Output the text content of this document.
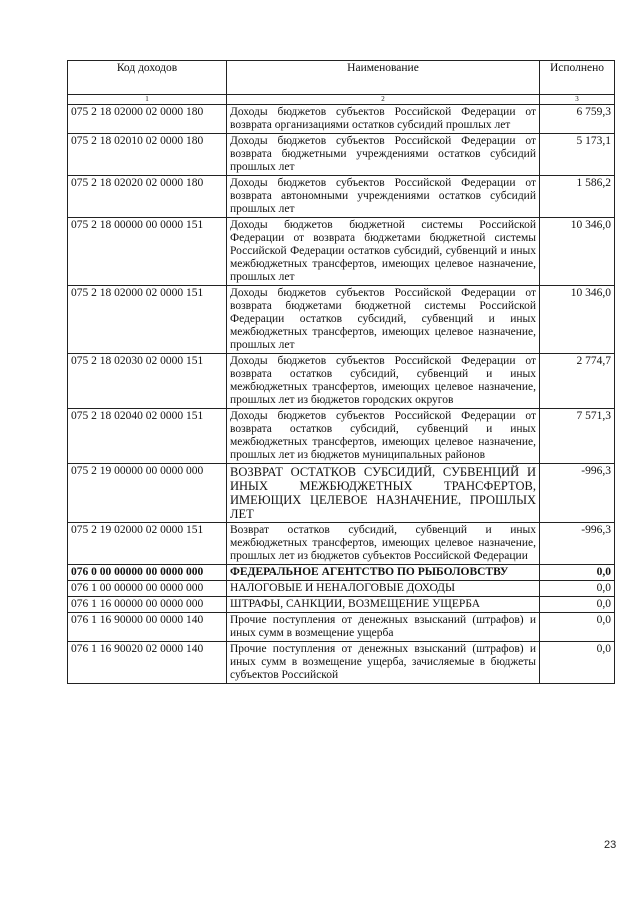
Код доходов	Наименование	Исполнено
1	2	3
075 2 18 02000 02 0000 180	Доходы бюджетов субъектов Российской Федерации от возврата организациями остатков субсидий прошлых лет	6 759,3
075 2 18 02010 02 0000 180	Доходы бюджетов субъектов Российской Федерации от возврата бюджетными учреждениями остатков субсидий прошлых лет	5 173,1
075 2 18 02020 02 0000 180	Доходы бюджетов субъектов Российской Федерации от возврата автономными учреждениями остатков субсидий прошлых лет	1 586,2
075 2 18 00000 00 0000 151	Доходы бюджетов бюджетной системы Российской Федерации от возврата бюджетами бюджетной системы Российской Федерации остатков субсидий, субвенций и иных межбюджетных трансфертов, имеющих целевое назначение, прошлых лет	10 346,0
075 2 18 02000 02 0000 151	Доходы бюджетов субъектов Российской Федерации от возврата бюджетами бюджетной системы Российской Федерации остатков субсидий, субвенций и иных межбюджетных трансфертов, имеющих целевое назначение, прошлых лет	10 346,0
075 2 18 02030 02 0000 151	Доходы бюджетов субъектов Российской Федерации от возврата остатков субсидий, субвенций и иных межбюджетных трансфертов, имеющих целевое назначение, прошлых лет из бюджетов городских округов	2 774,7
075 2 18 02040 02 0000 151	Доходы бюджетов субъектов Российской Федерации от возврата остатков субсидий, субвенций и иных межбюджетных трансфертов, имеющих целевое назначение, прошлых лет из бюджетов муниципальных районов	7 571,3
075 2 19 00000 00 0000 000	ВОЗВРАТ ОСТАТКОВ СУБСИДИЙ, СУБВЕНЦИЙ И ИНЫХ МЕЖБЮДЖЕТНЫХ ТРАНСФЕРТОВ, ИМЕЮЩИХ ЦЕЛЕВОЕ НАЗНАЧЕНИЕ, ПРОШЛЫХ ЛЕТ	-996,3
075 2 19 02000 02 0000 151	Возврат остатков субсидий, субвенций и иных межбюджетных трансфертов, имеющих целевое назначение, прошлых лет из бюджетов субъектов Российской Федерации	-996,3
076 0 00 00000 00 0000 000	ФЕДЕРАЛЬНОЕ АГЕНТСТВО ПО РЫБОЛОВСТВУ	0,0
076 1 00 00000 00 0000 000	НАЛОГОВЫЕ И НЕНАЛОГОВЫЕ ДОХОДЫ	0,0
076 1 16 00000 00 0000 000	ШТРАФЫ, САНКЦИИ, ВОЗМЕЩЕНИЕ УЩЕРБА	0,0
076 1 16 90000 00 0000 140	Прочие поступления от денежных взысканий (штрафов) и иных сумм в возмещение ущерба	0,0
076 1 16 90020 02 0000 140	Прочие поступления от денежных взысканий (штрафов) и иных сумм в возмещение ущерба, зачисляемые в бюджеты субъектов Российской	0,0
23
